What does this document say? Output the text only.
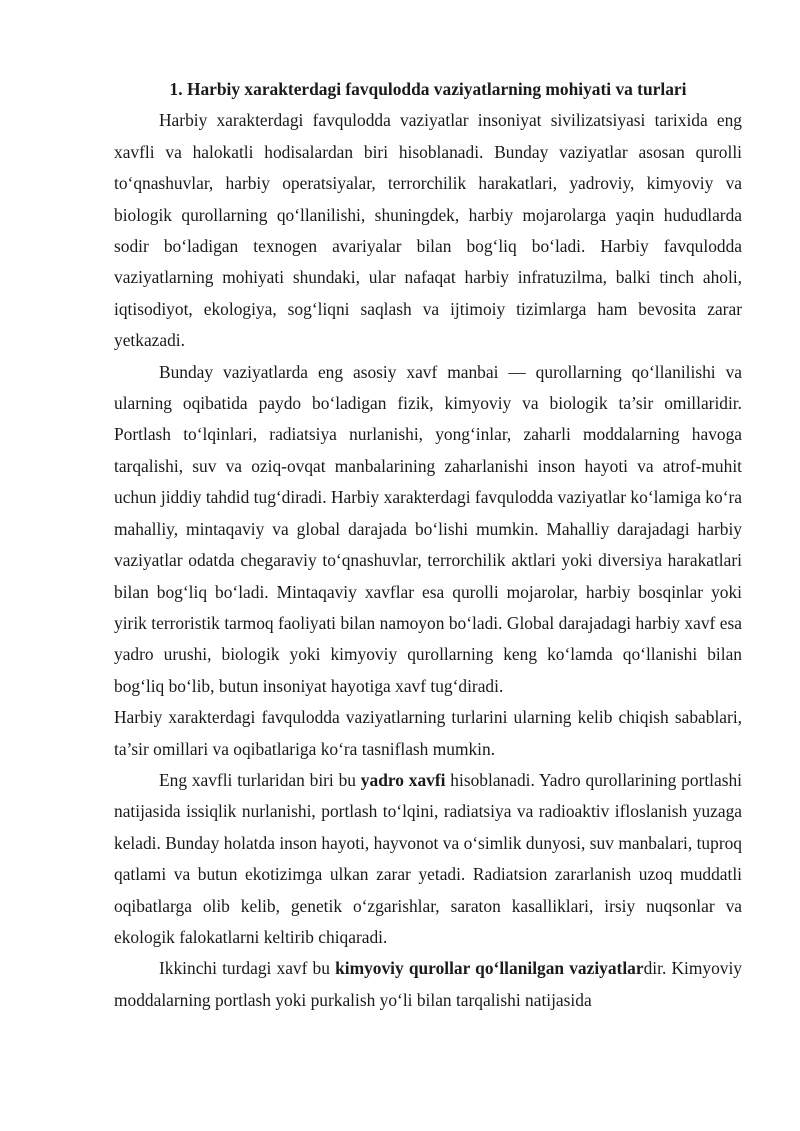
1. Harbiy xarakterdagi favqulodda vaziyatlarning mohiyati va turlari

Harbiy xarakterdagi favqulodda vaziyatlar insoniyat sivilizatsiyasi tarixida eng xavfli va halokatli hodisalardan biri hisoblanadi. Bunday vaziyatlar asosan qurolli to‘qnashuvlar, harbiy operatsiyalar, terrorchilik harakatlari, yadroviy, kimyoviy va biologik qurollarning qo‘llanilishi, shuningdek, harbiy mojarolarga yaqin hududlarda sodir bo‘ladigan texnogen avariyalar bilan bog‘liq bo‘ladi. Harbiy favqulodda vaziyatlarning mohiyati shundaki, ular nafaqat harbiy infratuzilma, balki tinch aholi, iqtisodiyot, ekologiya, sog‘liqni saqlash va ijtimoiy tizimlarga ham bevosita zarar yetkazadi.

Bunday vaziyatlarda eng asosiy xavf manbai — qurollarning qo‘llanilishi va ularning oqibatida paydo bo‘ladigan fizik, kimyoviy va biologik ta’sir omillaridir. Portlash to‘lqinlari, radiatsiya nurlanishi, yong‘inlar, zaharli moddalarning havoga tarqalishi, suv va oziq-ovqat manbalarining zaharlanishi inson hayoti va atrof-muhit uchun jiddiy tahdid tug‘diradi. Harbiy xarakterdagi favqulodda vaziyatlar ko‘lamiga ko‘ra mahalliy, mintaqaviy va global darajada bo‘lishi mumkin. Mahalliy darajadagi harbiy vaziyatlar odatda chegaraviy to‘qnashuvlar, terrorchilik aktlari yoki diversiya harakatlari bilan bog‘liq bo‘ladi. Mintaqaviy xavflar esa qurolli mojarolar, harbiy bosqinlar yoki yirik terroristik tarmoq faoliyati bilan namoyon bo‘ladi. Global darajadagi harbiy xavf esa yadro urushi, biologik yoki kimyoviy qurollarning keng ko‘lamda qo‘llanishi bilan bog‘liq bo‘lib, butun insoniyat hayotiga xavf tug‘diradi.

Harbiy xarakterdagi favqulodda vaziyatlarning turlarini ularning kelib chiqish sabablari, ta’sir omillari va oqibatlariga ko‘ra tasniflash mumkin.

Eng xavfli turlaridan biri bu yadro xavfi hisoblanadi. Yadro qurollarining portlashi natijasida issiqlik nurlanishi, portlash to‘lqini, radiatsiya va radioaktiv ifloslanish yuzaga keladi. Bunday holatda inson hayoti, hayvonot va o‘simlik dunyosi, suv manbalari, tuproq qatlami va butun ekotizimga ulkan zarar yetadi. Radiatsion zararlanish uzoq muddatli oqibatlarga olib kelib, genetik o‘zgarishlar, saraton kasalliklari, irsiy nuqsonlar va ekologik falokatlarni keltirib chiqaradi.

Ikkinchi turdagi xavf bu kimyoviy qurollar qo‘llanilgan vaziyatlardir. Kimyoviy moddalarning portlash yoki purkalish yo‘li bilan tarqalishi natijasida
